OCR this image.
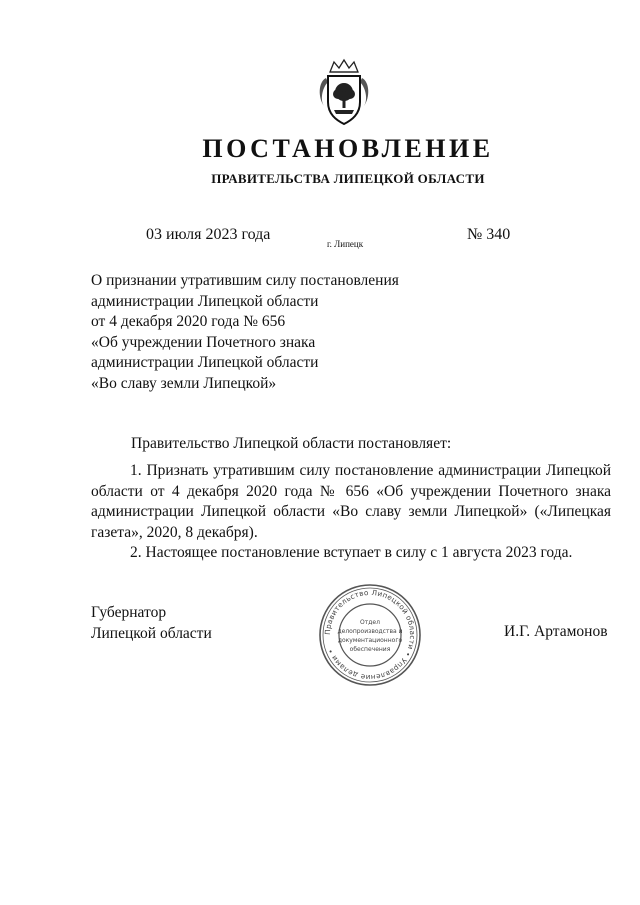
ПОСТАНОВЛЕНИЕ
ПРАВИТЕЛЬСТВА ЛИПЕЦКОЙ ОБЛАСТИ
03 июля 2023 года
г. Липецк
№ 340
О признании утратившим силу постановления
администрации Липецкой области
от 4 декабря 2020 года № 656
«Об учреждении Почетного знака
администрации Липецкой области
«Во славу земли Липецкой»
Правительство Липецкой области постановляет:

1. Признать утратившим силу постановление администрации Липецкой области от 4 декабря 2020 года № 656 «Об учреждении Почетного знака администрации Липецкой области «Во славу земли Липецкой» («Липецкая газета», 2020, 8 декабря).

2. Настоящее постановление вступает в силу с 1 августа 2023 года.

Губернатор
Липецкой области	И.Г. Артамонов
Правительство Липецкой области • Управление делами •
Отдел
делопроизводства и
документационного
обеспечения
